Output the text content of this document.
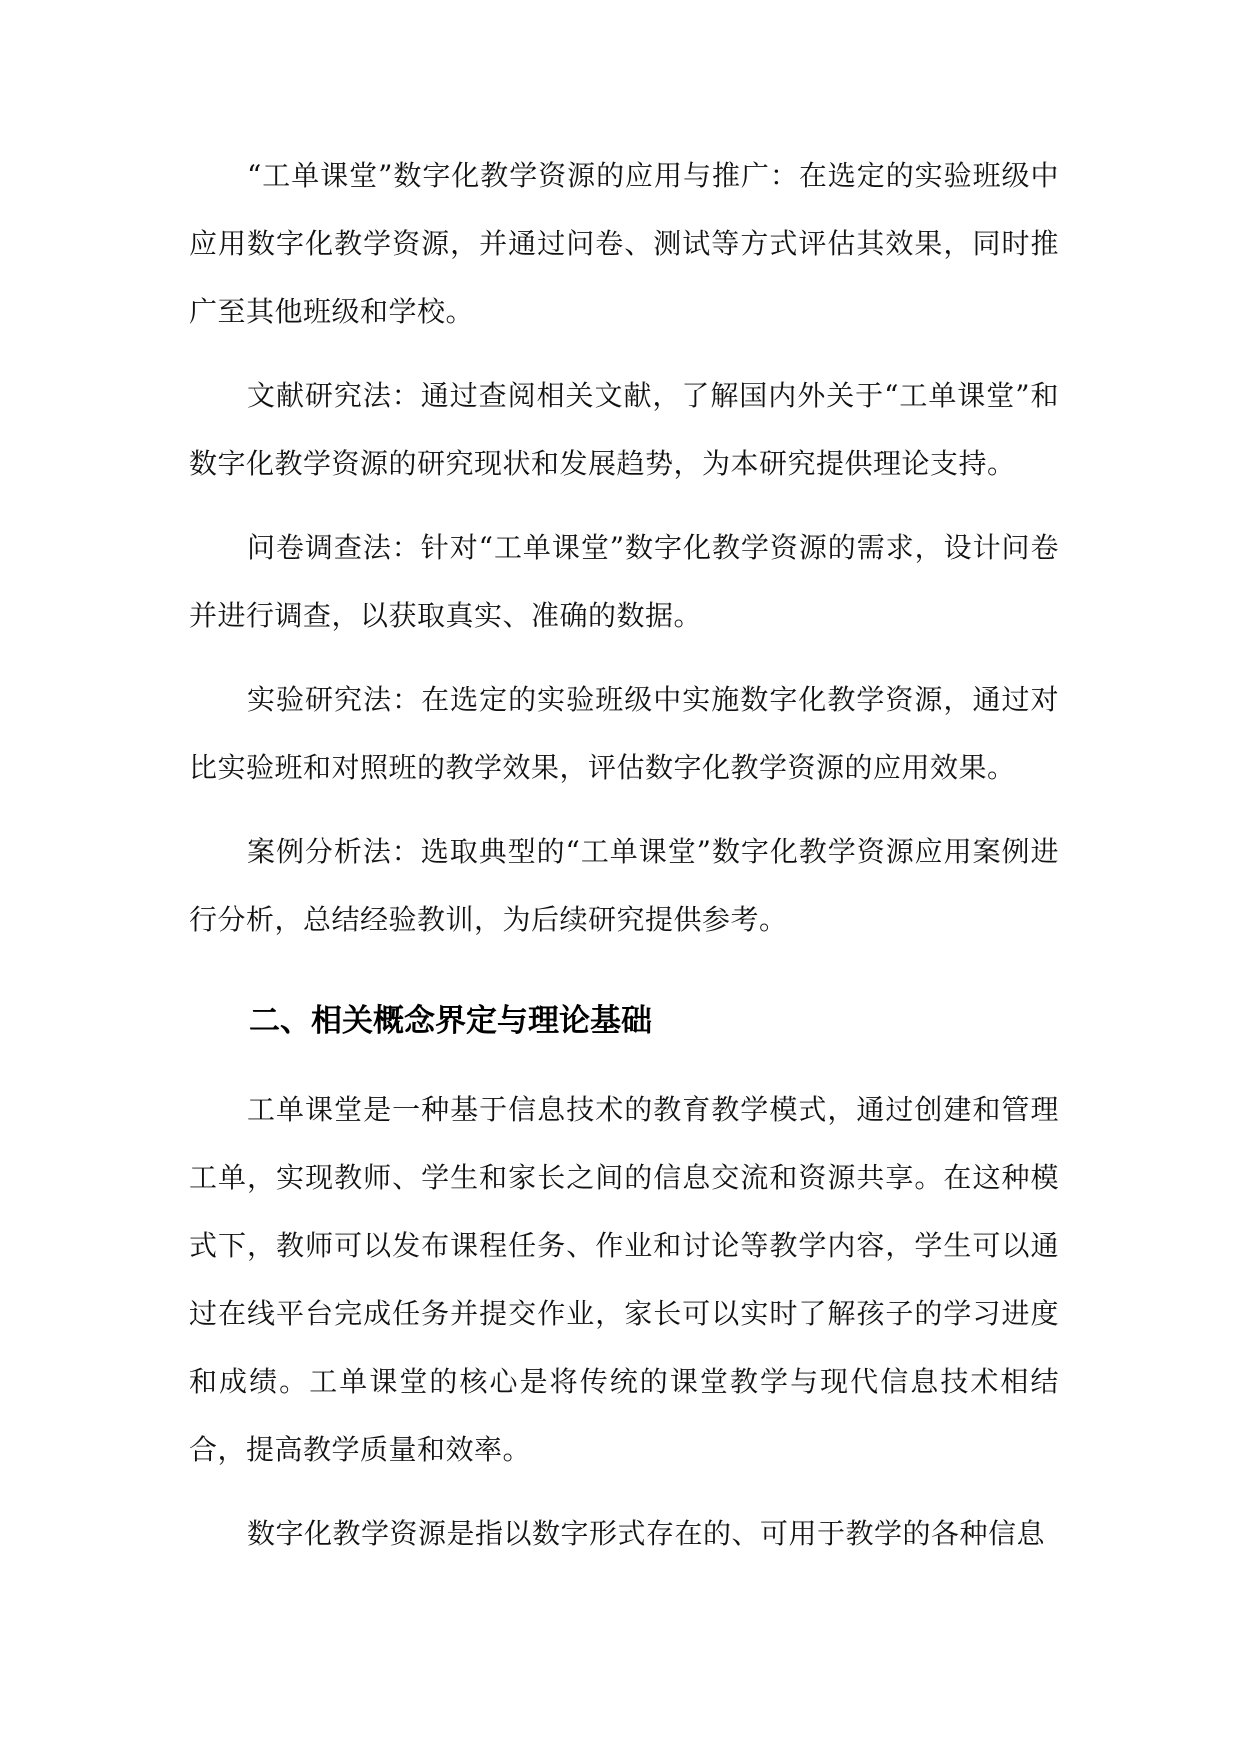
“工单课堂”数字化教学资源的应用与推广：在选定的实验班级中应用数字化教学资源，并通过问卷、测试等方式评估其效果，同时推广至其他班级和学校。

文献研究法：通过查阅相关文献，了解国内外关于“工单课堂”和数字化教学资源的研究现状和发展趋势，为本研究提供理论支持。

问卷调查法：针对“工单课堂”数字化教学资源的需求，设计问卷并进行调查，以获取真实、准确的数据。

实验研究法：在选定的实验班级中实施数字化教学资源，通过对比实验班和对照班的教学效果，评估数字化教学资源的应用效果。

案例分析法：选取典型的“工单课堂”数字化教学资源应用案例进行分析，总结经验教训，为后续研究提供参考。

二、相关概念界定与理论基础

工单课堂是一种基于信息技术的教育教学模式，通过创建和管理工单，实现教师、学生和家长之间的信息交流和资源共享。在这种模式下，教师可以发布课程任务、作业和讨论等教学内容，学生可以通过在线平台完成任务并提交作业，家长可以实时了解孩子的学习进度和成绩。工单课堂的核心是将传统的课堂教学与现代信息技术相结合，提高教学质量和效率。

数字化教学资源是指以数字形式存在的、可用于教学的各种信息
